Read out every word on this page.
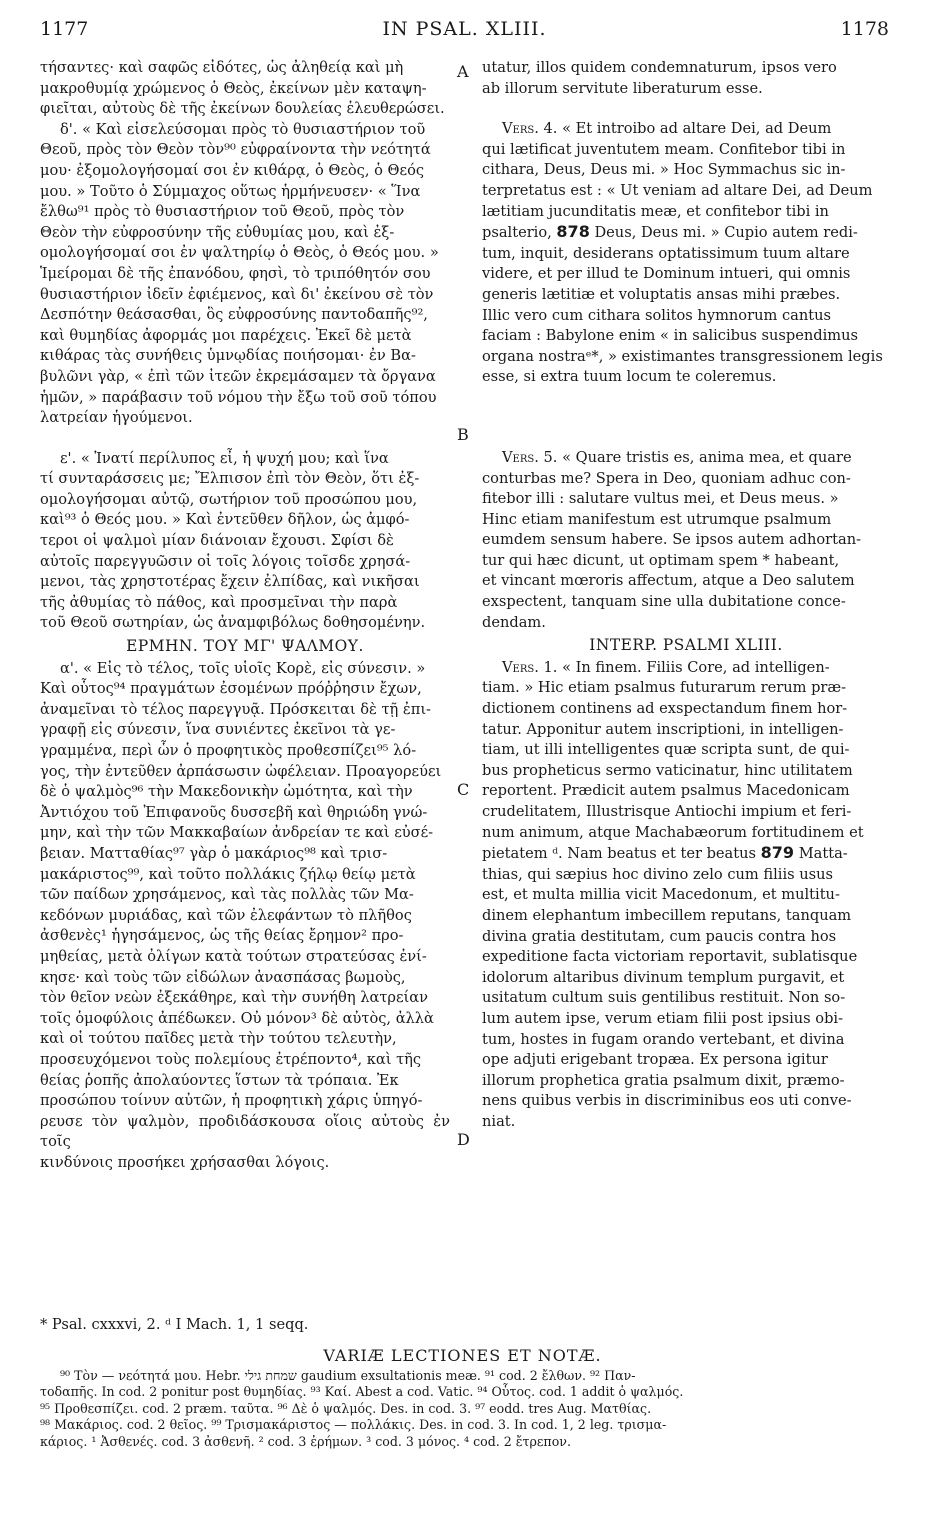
1177	IN PSAL. XLIII.	1178
A
B
C
D

τήσαντες· καὶ σαφῶς εἰδότες, ὡς ἀληθείᾳ καὶ μὴ

μακροθυμίᾳ χρώμενος ὁ Θεὸς, ἐκείνων μὲν καταψη-

φιεῖται, αὐτοὺς δὲ τῆς ἐκείνων δουλείας ἐλευθερώσει.

δ'. « Καὶ εἰσελεύσομαι πρὸς τὸ θυσιαστήριον τοῦ

Θεοῦ, πρὸς τὸν Θεὸν τὸν⁹⁰ εὐφραίνοντα τὴν νεότητά

μου· ἐξομολογήσομαί σοι ἐν κιθάρᾳ, ὁ Θεὸς, ὁ Θεός

μου. » Τοῦτο ὁ Σύμμαχος οὕτως ἡρμήνευσεν· « Ἵνα

ἔλθω⁹¹ πρὸς τὸ θυσιαστήριον τοῦ Θεοῦ, πρὸς τὸν

Θεὸν τὴν εὐφροσύνην τῆς εὐθυμίας μου, καὶ ἐξ-

ομολογήσομαί σοι ἐν ψαλτηρίῳ ὁ Θεὸς, ὁ Θεός μου. »

Ἱμείρομαι δὲ τῆς ἐπανόδου, φησὶ, τὸ τριπόθητόν σου

θυσιαστήριον ἰδεῖν ἐφιέμενος, καὶ δι' ἐκείνου σὲ τὸν

Δεσπότην θεάσασθαι, ὃς εὐφροσύνης παντοδαπῆς⁹²,

καὶ θυμηδίας ἀφορμάς μοι παρέχεις. Ἐκεῖ δὲ μετὰ

κιθάρας τὰς συνήθεις ὑμνῳδίας ποιήσομαι· ἐν Βα-

βυλῶνι γὰρ, « ἐπὶ τῶν ἰτεῶν ἐκρεμάσαμεν τὰ ὄργανα

ἡμῶν, » παράβασιν τοῦ νόμου τὴν ἔξω τοῦ σοῦ τόπου

λατρείαν ἡγούμενοι.

ε'. « Ἱνατί περίλυπος εἶ, ἡ ψυχή μου; καὶ ἵνα

τί συνταράσσεις με; Ἔλπισον ἐπὶ τὸν Θεὸν, ὅτι ἐξ-

ομολογήσομαι αὐτῷ, σωτήριον τοῦ προσώπου μου,

καὶ⁹³ ὁ Θεός μου. » Καὶ ἐντεῦθεν δῆλον, ὡς ἀμφό-

τεροι οἱ ψαλμοὶ μίαν διάνοιαν ἔχουσι. Σφίσι δὲ

αὐτοῖς παρεγγυῶσιν οἱ τοῖς λόγοις τοῖσδε χρησά-

μενοι, τὰς χρηστοτέρας ἔχειν ἐλπίδας, καὶ νικῆσαι

τῆς ἀθυμίας τὸ πάθος, καὶ προσμεῖναι τὴν παρὰ

τοῦ Θεοῦ σωτηρίαν, ὡς ἀναμφιβόλως δοθησομένην.

ΕΡΜΗΝ. ΤΟΥ ΜΓ' ΨΑΛΜΟΥ.

α'. « Εἰς τὸ τέλος, τοῖς υἱοῖς Κορὲ, εἰς σύνεσιν. »

Καὶ οὗτος⁹⁴ πραγμάτων ἐσομένων πρόῤῥησιν ἔχων,

ἀναμεῖναι τὸ τέλος παρεγγυᾷ. Πρόσκειται δὲ τῇ ἐπι-

γραφῇ εἰς σύνεσιν, ἵνα συνιέντες ἐκεῖνοι τὰ γε-

γραμμένα, περὶ ὧν ὁ προφητικὸς προθεσπίζει⁹⁵ λό-

γος, τὴν ἐντεῦθεν ἀρπάσωσιν ὠφέλειαν. Προαγορεύει

δὲ ὁ ψαλμὸς⁹⁶ τὴν Μακεδονικὴν ὠμότητα, καὶ τὴν

Ἀντιόχου τοῦ Ἐπιφανοῦς δυσσεβῆ καὶ θηριώδη γνώ-

μην, καὶ τὴν τῶν Μακκαβαίων ἀνδρείαν τε καὶ εὐσέ-

βειαν. Ματταθίας⁹⁷ γὰρ ὁ μακάριος⁹⁸ καὶ τρισ-

μακάριστος⁹⁹, καὶ τοῦτο πολλάκις ζήλῳ θείῳ μετὰ

τῶν παίδων χρησάμενος, καὶ τὰς πολλὰς τῶν Μα-

κεδόνων μυριάδας, καὶ τῶν ἐλεφάντων τὸ πλῆθος

ἀσθενὲς¹ ἡγησάμενος, ὡς τῆς θείας ἔρημον² προ-

μηθείας, μετὰ ὀλίγων κατὰ τούτων στρατεύσας ἐνί-

κησε· καὶ τοὺς τῶν εἰδώλων ἀνασπάσας βωμοὺς,

τὸν θεῖον νεὼν ἐξεκάθηρε, καὶ τὴν συνήθη λατρείαν

τοῖς ὁμοφύλοις ἀπέδωκεν. Οὐ μόνον³ δὲ αὐτὸς, ἀλλὰ

καὶ οἱ τούτου παῖδες μετὰ τὴν τούτου τελευτὴν,

προσευχόμενοι τοὺς πολεμίους ἐτρέποντο⁴, καὶ τῆς

θείας ῥοπῆς ἀπολαύοντες ἵστων τὰ τρόπαια. Ἐκ

προσώπου τοίνυν αὐτῶν, ἡ προφητικὴ χάρις ὑπηγό-

ρευσε τὸν ψαλμὸν, προδιδάσκουσα οἵοις αὐτοὺς ἐν τοῖς

κινδύνοις προσήκει χρήσασθαι λόγοις.

utatur, illos quidem condemnaturum, ipsos vero

ab illorum servitute liberaturum esse.

Vers. 4. « Et introibo ad altare Dei, ad Deum

qui lætificat juventutem meam. Confitebor tibi in

cithara, Deus, Deus mi. » Hoc Symmachus sic in-

terpretatus est : « Ut veniam ad altare Dei, ad Deum

lætitiam jucunditatis meæ, et confitebor tibi in

psalterio, 878 Deus, Deus mi. » Cupio autem redi-

tum, inquit, desiderans optatissimum tuum altare

videre, et per illud te Dominum intueri, qui omnis

generis lætitiæ et voluptatis ansas mihi præbes.

Illic vero cum cithara solitos hymnorum cantus

faciam : Babylone enim « in salicibus suspendimus

organa nostraᵉ*, » existimantes transgressionem legis

esse, si extra tuum locum te coleremus.

Vers. 5. « Quare tristis es, anima mea, et quare

conturbas me? Spera in Deo, quoniam adhuc con-

fitebor illi : salutare vultus mei, et Deus meus. »

Hinc etiam manifestum est utrumque psalmum

eumdem sensum habere. Se ipsos autem adhortan-

tur qui hæc dicunt, ut optimam spem * habeant,

et vincant mœroris affectum, atque a Deo salutem

exspectent, tanquam sine ulla dubitatione conce-

dendam.

INTERP. PSALMI XLIII.

Vers. 1. « In finem. Filiis Core, ad intelligen-

tiam. » Hic etiam psalmus futurarum rerum præ-

dictionem continens ad exspectandum finem hor-

tatur. Apponitur autem inscriptioni, in intelligen-

tiam, ut illi intelligentes quæ scripta sunt, de qui-

bus propheticus sermo vaticinatur, hinc utilitatem

reportent. Prædicit autem psalmus Macedonicam

crudelitatem, Illustrisque Antiochi impium et feri-

num animum, atque Machabæorum fortitudinem et

pietatem ᵈ. Nam beatus et ter beatus 879 Matta-

thias, qui sæpius hoc divino zelo cum filiis usus

est, et multa millia vicit Macedonum, et multitu-

dinem elephantum imbecillem reputans, tanquam

divina gratia destitutam, cum paucis contra hos

expeditione facta victoriam reportavit, sublatisque

idolorum altaribus divinum templum purgavit, et

usitatum cultum suis gentilibus restituit. Non so-

lum autem ipse, verum etiam filii post ipsius obi-

tum, hostes in fugam orando vertebant, et divina

ope adjuti erigebant tropæa. Ex persona igitur

illorum prophetica gratia psalmum dixit, præmo-

nens quibus verbis in discriminibus eos uti conve-

niat.

* Psal. cxxxvi, 2. ᵈ I Mach. 1, 1 seqq.
VARIÆ LECTIONES ET NOTÆ.

⁹⁰ Τὸν — νεότητά μου. Hebr. שמחת גילי gaudium exsultationis meæ. ⁹¹ cod. 2 ἔλθων. ⁹² Παν-

τοδαπῆς. In cod. 2 ponitur post θυμηδίας. ⁹³ Καί. Abest a cod. Vatic. ⁹⁴ Οὗτος. cod. 1 addit ὁ ψαλμός.

⁹⁵ Προθεσπίζει. cod. 2 præm. ταῦτα. ⁹⁶ Δὲ ὁ ψαλμός. Des. in cod. 3. ⁹⁷ eodd. tres Aug. Ματθίας.

⁹⁸ Μακάριος. cod. 2 θεῖος. ⁹⁹ Τρισμακάριστος — πολλάκις. Des. in cod. 3. In cod. 1, 2 leg. τρισμα-

κάριος. ¹ Ἀσθενές. cod. 3 ἀσθενῆ. ² cod. 3 ἐρήμων. ³ cod. 3 μόνος. ⁴ cod. 2 ἔτρεπον.
